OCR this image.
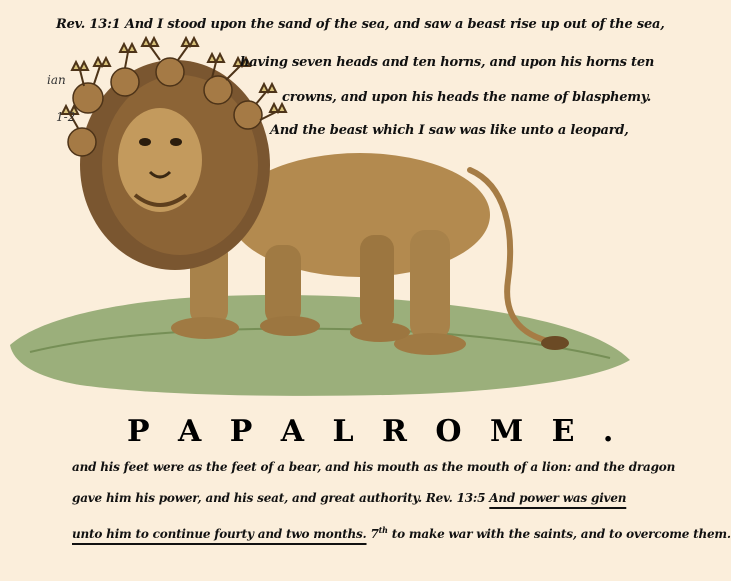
Rev. 13:1 And I stood upon the sand of the sea, and saw a beast rise up out of the sea,
having seven heads and ten horns, and upon his horns ten
crowns, and upon his heads the name of blasphemy.
And the beast which I saw was like unto a leopard,
ian
1-2
P A P A L R O M E .
and his feet were as the feet of a bear, and his mouth as the mouth of a lion: and the dragon
gave him his power, and his seat, and great authority. Rev. 13:5 And power was given
unto him to continue fourty and two months. 7th to make war with the saints, and to overcome them.
